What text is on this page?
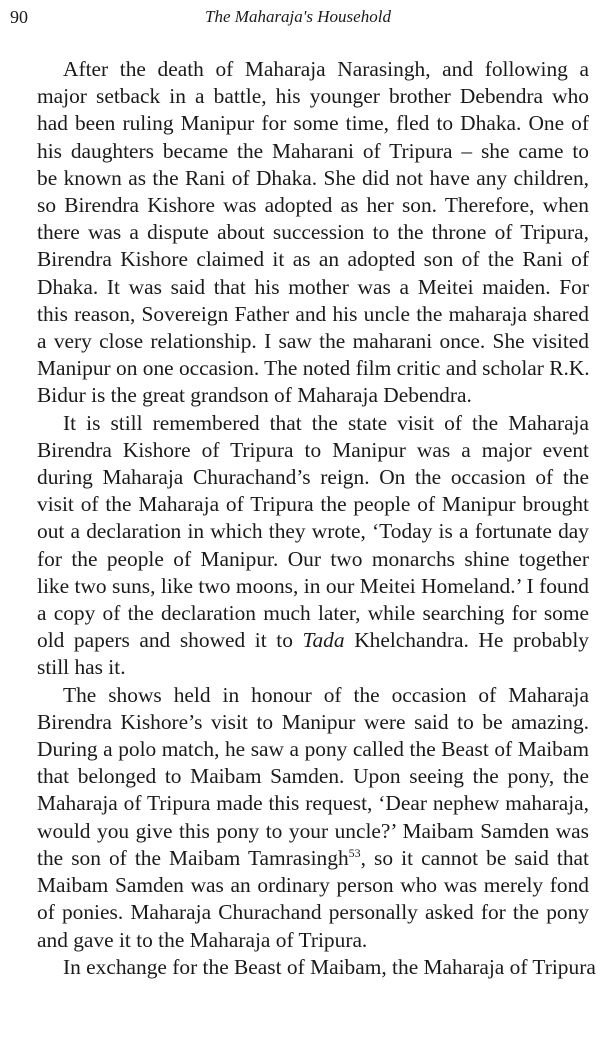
90	The Maharaja's Household
After the death of Maharaja Narasingh, and following a
major setback in a battle, his younger brother Debendra who
had been ruling Manipur for some time, fled to Dhaka. One of
his daughters became the Maharani of Tripura – she came to
be known as the Rani of Dhaka. She did not have any children,
so Birendra Kishore was adopted as her son. Therefore, when
there was a dispute about succession to the throne of Tripura,
Birendra Kishore claimed it as an adopted son of the Rani of
Dhaka. It was said that his mother was a Meitei maiden. For
this reason, Sovereign Father and his uncle the maharaja shared
a very close relationship. I saw the maharani once. She visited
Manipur on one occasion. The noted film critic and scholar R.K.
Bidur is the great grandson of Maharaja Debendra.
It is still remembered that the state visit of the Maharaja
Birendra Kishore of Tripura to Manipur was a major event
during Maharaja Churachand’s reign. On the occasion of the
visit of the Maharaja of Tripura the people of Manipur brought
out a declaration in which they wrote, ‘Today is a fortunate day
for the people of Manipur. Our two monarchs shine together
like two suns, like two moons, in our Meitei Homeland.’ I found
a copy of the declaration much later, while searching for some
old papers and showed it to Tada Khelchandra. He probably
still has it.
The shows held in honour of the occasion of Maharaja
Birendra Kishore’s visit to Manipur were said to be amazing.
During a polo match, he saw a pony called the Beast of Maibam
that belonged to Maibam Samden. Upon seeing the pony, the
Maharaja of Tripura made this request, ‘Dear nephew maharaja,
would you give this pony to your uncle?’ Maibam Samden was
the son of the Maibam Tamrasingh$^{53}$, so it cannot be said that
Maibam Samden was an ordinary person who was merely fond
of ponies. Maharaja Churachand personally asked for the pony
and gave it to the Maharaja of Tripura.
In exchange for the Beast of Maibam, the Maharaja of Tripura
